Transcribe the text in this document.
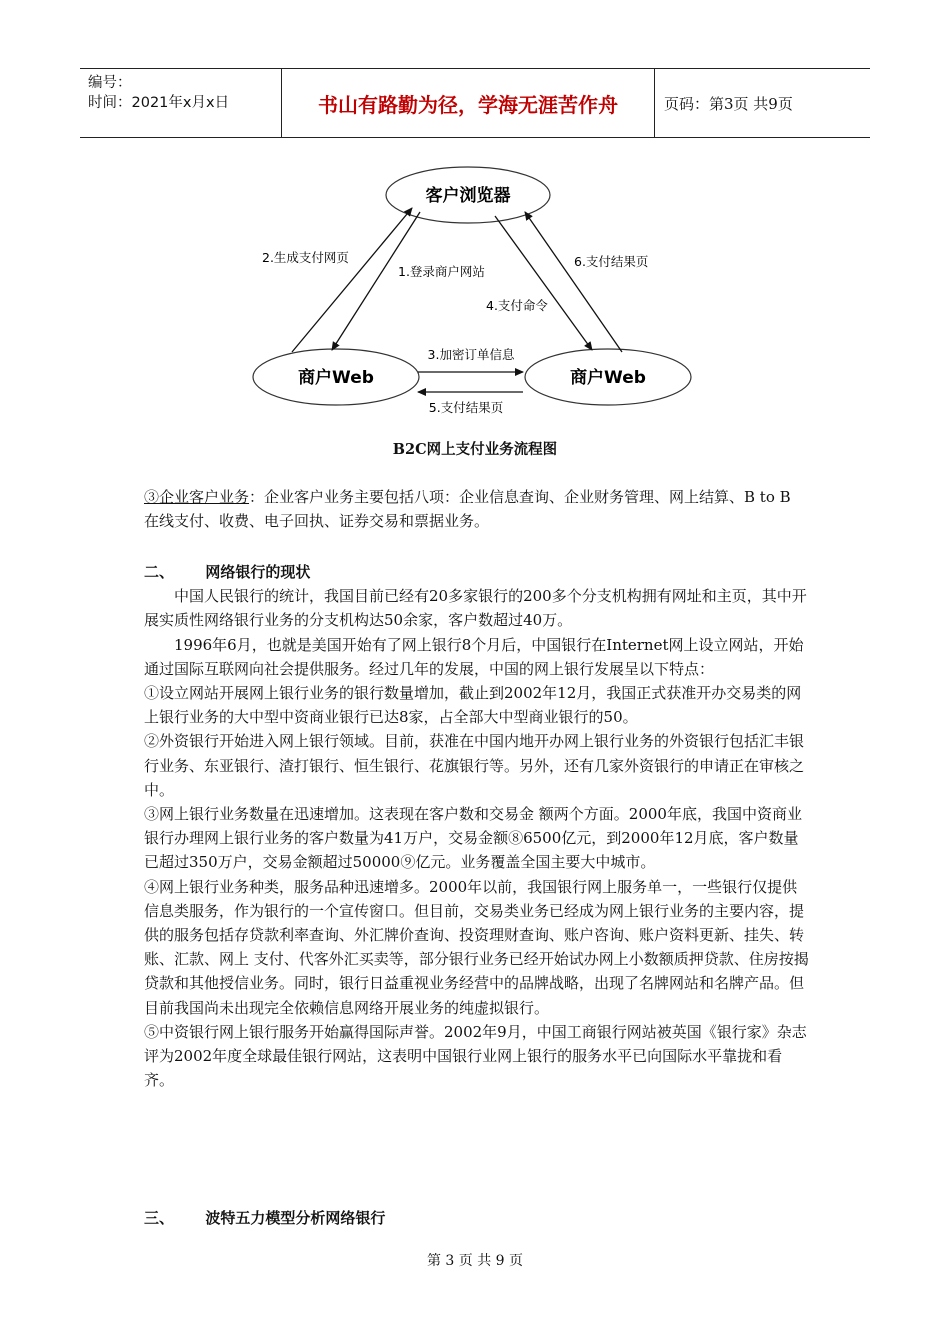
编号：
时间：2021年x月x日	书山有路勤为径，学海无涯苦作舟	页码：第3页 共9页
客户浏览器
商户Web	商户Web
2.生成支付网页
1.登录商户网站
4.支付命令
6.支付结果页
3.加密订单信息
5.支付结果页
B2C网上支付业务流程图

③企业客户业务：企业客户业务主要包括八项：企业信息查询、企业财务管理、网上结算、B to B 在线支付、收费、电子回执、证券交易和票据业务。

二、      网络银行的现状

中国人民银行的统计，我国目前已经有20多家银行的200多个分支机构拥有网址和主页，其中开展实质性网络银行业务的分支机构达50余家，客户数超过40万。

1996年6月，也就是美国开始有了网上银行8个月后，中国银行在Internet网上设立网站，开始通过国际互联网向社会提供服务。经过几年的发展，中国的网上银行发展呈以下特点：

①设立网站开展网上银行业务的银行数量增加，截止到2002年12月，我国正式获准开办交易类的网上银行业务的大中型中资商业银行已达8家，占全部大中型商业银行的50。

②外资银行开始进入网上银行领域。目前，获准在中国内地开办网上银行业务的外资银行包括汇丰银行业务、东亚银行、渣打银行、恒生银行、花旗银行等。另外，还有几家外资银行的申请正在审核之中。

③网上银行业务数量在迅速增加。这表现在客户数和交易金 额两个方面。2000年底，我国中资商业银行办理网上银行业务的客户数量为41万户，交易金额⑧6500亿元，到2000年12月底，客户数量已超过350万户，交易金额超过50000⑨亿元。业务覆盖全国主要大中城市。

④网上银行业务种类，服务品种迅速增多。2000年以前，我国银行网上服务单一，一些银行仅提供信息类服务，作为银行的一个宣传窗口。但目前，交易类业务已经成为网上银行业务的主要内容，提供的服务包括存贷款利率查询、外汇牌价查询、投资理财查询、账户咨询、账户资料更新、挂失、转账、汇款、网上 支付、代客外汇买卖等，部分银行业务已经开始试办网上小数额质押贷款、住房按揭贷款和其他授信业务。同时，银行日益重视业务经营中的品牌战略，出现了名牌网站和名牌产品。但目前我国尚未出现完全依赖信息网络开展业务的纯虚拟银行。

⑤中资银行网上银行服务开始赢得国际声誉。2002年9月，中国工商银行网站被英国《银行家》杂志评为2002年度全球最佳银行网站，这表明中国银行业网上银行的服务水平已向国际水平靠拢和看齐。

三、      波特五力模型分析网络银行

第 3 页 共 9 页
